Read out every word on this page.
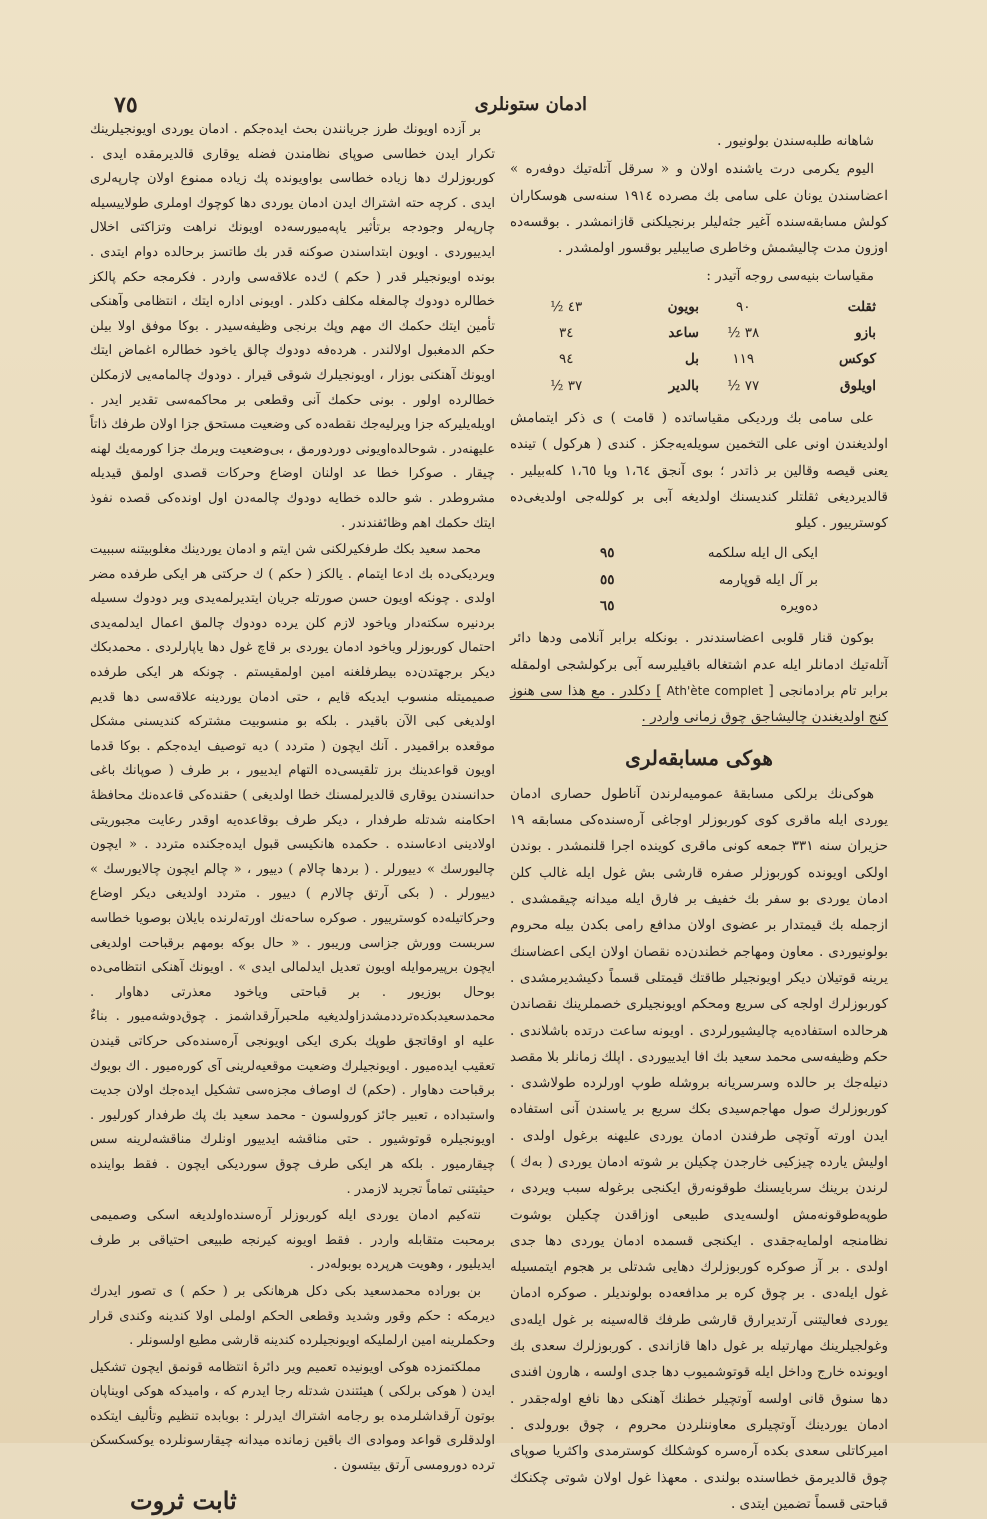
٧٥	ادمان ستونلری

شاهانه طلبه‌سندن بولونیور .

الیوم یکرمی درت یاشنده اولان و « سرقل آتلەتیك دوفەرە » اعضاسندن یونان علی سامی بك مصرده ١٩١٤ سنه‌سی هوسکاران کولش مسابقه‌سنده آغیر جثه‌لیلر برنجیلکنی قازانمشدر . بوقسه‌ده اوزون مدت چالیشمش وخاطری صایبلیر بوقسور اولمشدر .

مقیاسات بنیه‌سی روجه آتیدر :

ثقلت
٩٠
بویون
٤٣ ½
بازو
٣٨ ½
ساعد
٣٤
کوکس
١١٩
بل
٩٤
اویلوق
٧٧ ½
بالدیر
٣٧ ½

علی سامی بك وردیکی مقیاساتده ( قامت ) ی ذکر ایتمامش اولدیغندن اونی علی التخمین سویلەیه‌جکز . کندی ( هرکول ) تینده یعنی قیصه وقالین بر ذاتدر ؛ بوی آنجق ١،٦٤ ویا ١،٦٥ کلەبیلیر . قالدیردیغی ثقلتلر کندیسنك اولدیغه آبی بر کوللەجی اولدیغی‌ده کوسترییور . کیلو

ایکی ال ایله سلکمه
٩٥
بر آل ایله قوپارمه
٥٥
دەویره
٦٥

بوکون قنار قلوبی اعضاسندندر . بونکله برابر آنلامی ودها دائر آتلەتیك ادمانلر ایله عدم اشتغاله باقیلیرسه آبی برکولشجی اولمقله برابر تام برادمانجی [ Ath'ète complet ] دکلدر . مع هذا سی هنوز کنج اولدیغندن چالیشاجق چوق زمانی واردر .

هوکی مسابقه‌لری

هوکی‌نك برلکی مسابقهٔ عمومیه‌لرندن آناطول حصاری ادمان یوردی ایله ماقری کوی کوربوزلر اوجاغی آره‌سنده‌کی مسابقه ١٩ حزیران سنه ٣٣١ جمعه کونی ماقری کوینده اجرا قلنمشدر . بوندن اولکی اویونده کوربوزلر صفره قارشی بش غول ایله غالب کلن ادمان یوردی بو سفر بك خفیف بر فارق ایله میدانه چیقمشدی . ازجمله بك قیمتدار بر عضوی اولان مدافع رامی بکدن بیله محروم بولونیوردی . معاون ومهاجم خطندن‌ده نقصان اولان ایکی اعضاسنك یرینه قوتیلان دیکر اویونجیلر طاقتك قیمتلی قسماً دکیشدیرمشدی . کوربوزلرك اولجه کی سریع ومحکم اویونجیلری خصملرینك نقصاندن هرحالده استفاده‌یه چالیشیورلردی . اویونه ساعت درتده باشلاندی . حکم وظیفه‌سی محمد سعید بك افا ایدییوردی . اپلك زمانلر بلا مقصد دنیله‌جك بر حالده وسرسریانه بروشله طوپ اورلرده طولاشدی . کوربوزلرك صول مهاجم‌سیدی بکك سریع بر یاسندن آنی استفاده ایدن اورته آوتچی طرفندن ادمان یوردی علیهنه برغول اولدی . اولیش یارده چیزکیی خارجدن چکیلن بر شوته ادمان یوردی ( بەك ) لرندن برینك سربایسنك طوقونه‌رق ایکنجی برغوله سبب ویردی ، طوپه‌طوقونه‌مش اولسه‌یدی طبیعی اوزاقدن چکیلن بوشوت نظامنجه اولمایه‌جقدی . ایکنجی قسمده ادمان یوردی دها جدی اولدی . بر آز صوکره کوربوزلرك دهایی شدتلی بر هجوم ایتمسیله غول ایله‌دی . بر چوق کره بر مدافعه‌ده بولوندیلر . صوکره ادمان یوردی فعالیتنی آرتدیرارق قارشی طرفك قاله‌سینه بر غول ایله‌دی وغولجیلرینك مهارتیله بر غول داها قازاندی . کوربوزلرك سعدی بك اویونده خارج وداخل ایله قوتوشمیوب دها جدی اولسه ، هارون افندی دها سنوق قانی اولسه آوتچیلر خطنك آهنکی دها نافع اوله‌جقدر . ادمان یوردینك آوتچیلری معاوننلردن محروم ، چوق بورولدی . امیرکاتلی سعدی بکده آره‌سره کوشکلك کوسترمدی واکثریا صوپای چوق قالدیرمق خطاسنده بولندی . معهذا غول اولان شوتی چکنکك قباحتی قسماً تضمین ایتدی .

بر آزده اویونك طرز جریانندن بحث ایده‌جکم . ادمان یوردی اویونجیلرینك تکرار ایدن خطاسی صوپای نظامندن فضله یوقاری قالدیرمقده ایدی . کوربوزلرك دها زیاده خطاسی بواویونده پك زیاده ممنوع اولان چارپه‌لری ایدی . کرچه حته اشتراك ایدن ادمان یوردی دها کوچوك اوملری طولاییسیله چارپه‌لر وجودجه برتأثیر یاپه‌میورسه‌ده اویونك نراهت وتزاکتی اخلال ایدییوردی . اویون ابتداسندن صوکنه قدر بك طاتسز برحالده دوام ایتدی . بونده اویونجیلر قدر ( حکم ) ك‌ده علاقه‌سی واردر . فکرمجه حکم پالکز خطالره دودوك چالمغله مکلف دکلدر . اویونی اداره ایتك ، انتظامی وآهنکی تأمین ایتك حکمك اك مهم وپك برنجی وظیفه‌سیدر . بوکا موفق اولا بیلن حکم الدمغبول اولالندر . هرده‌فه دودوك چالق یاخود خطالره اغماض ایتك اویونك آهنکنی بوزار ، اویونجیلرك شوقی قیرار . دودوك چالمامه‌یی لازمکلن خطالرده اولور . بونی حکمك آنی وقطعی بر محاکمه‌سی تقدیر ایدر . اویلەیلیرکه جزا ویرلیه‌جك نقطه‌ده کی وضعیت مستحق جزا اولان طرفك ذاتاً علیهنه‌در . شوحالده‌اویونی دوردورمق ، بی‌وضعیت ویرمك جزا کورمەیك لهنه چیقار . صوکرا خطا عد اولنان اوضاع وحرکات قصدی اولمق قیدیله مشروطدر . شو حالده خطایه دودوك چالمه‌دن اول اوندەکی قصده نفوذ ایتك حکمك اهم وظائفندندر .

محمد سعید بکك طرفکیرلکنی شن ایتم و ادمان یوردینك مغلوبیتنه سببیت ویردیکی‌ده بك ادعا ایتمام . یالکز ( حکم ) ك حرکتی هر ایکی طرفده مضر اولدی . چونکه اویون حسن صورتله جریان ایتدیرلمەیدی ویر دودوك سسیله بردنیره سکته‌دار ویاخود لازم کلن یرده دودوك چالمق اعمال ایدلمه‌یدی احتمال کوربوزلر ویاخود ادمان یوردی بر قاچ غول دها یاپارلردی . محمدبکك دیکر برجهتدن‌ده بیطرفلغنه امین اولمقیستم . چونکه هر ایکی طرفده صمیمیتله منسوب ایدیکه قایم ، حتی ادمان یوردینه علاقه‌سی دها قدیم اولدیغی کبی الآن باقیدر . بلکه بو منسوبیت مشترکه کندیسنی مشکل موقعده براقمیدر . آنك ایچون ( متردد ) دیه توصیف ایده‌جکم . بوکا قدما اویون قواعدینك برز تلقیسی‌ده التهام ایدییور ، بر طرف ( صوپانك باغی حدانسندن یوقاری قالدیرلمسنك خطا اولدیغی ) حقنده‌کی قاعده‌نك محافظهٔ احکامنه شدتله طرفدار ، دیکر طرف بوقاعده‌یه اوقدر رعایت مجبوریتی اولادینی ادعاسنده . حکمده هانکیسی قبول ایده‌جکنده متردد . « ایچون چالیورسك » دییورلر . ( بردها چالام ) دییور ، « چالم ایچون چالایورسك » دییورلر . ( بکی آرتق چالارم ) دییور . متردد اولدیغی دیکر اوضاع وحرکاتیله‌ده کوسترییور . صوکره ساحه‌نك اورته‌لرنده بایلان بوصویا خطاسه سربست وورش جزاسی وریبور . « حال بوکه بومهم برقباحت اولدیغی ایچون برپیرموایله اویون تعدیل ایدلمالی ایدی » . اویونك آهنکی انتظامی‌ده بوحال بوزیور . بر قباحتی ویاخود معذرتی دهاوار . محمدسعیدبکده‌تردد‌مشدزاولدیغیه ملحبرآرقداشمز . چوق‌دوشه‌میور . بناءٌ علیه او اوقاتجق طوپك بکری ایکی اویونجی آره‌سنده‌کی حرکاتی قیندن تعقیب ایده‌میور . اویونجیلرك وضعیت موقعیه‌لرینی آی کوره‌میور . اك بویوك برقباحت دهاوار . (حکم) ك اوصاف مجزه‌سی تشکیل ایده‌جك اولان جدیت واستبداده ، تعبیر جائز کورولسون - محمد سعید بك پك طرفدار کورلیور . اویونجیلره قوتوشیور . حتی مناقشه ایدییور اونلرك مناقشه‌لرینه سس چیقارمیور . بلکه هر ایکی طرف چوق سوردیکی ایچون . فقط بواینده حیثیتنی تماماً تجرید لازمدر .

نته‌کیم ادمان یوردی ایله کوربوزلر آره‌سنده‌اولدیغه اسکی وصمیمی برمحبت متقابله واردر . فقط اویونه کیرنجه طبیعی احتیاقی بر طرف ایدیلیور ، وهویت هرپرده بوبوله‌در .

بن بوراده محمدسعید بکی دکل هرهانکی بر ( حکم ) ی تصور ایدرك دیرمکه : حکم وقور وشدید وقطعی الحکم اولملی اولا کندینه وکندی قرار وحکملرینه امین ارلملیکه اویونجیلرده کندینه قارشی مطیع اولسونلر .

مملکتمزده هوکی اویونیده تعمیم ویر دائرهٔ انتظامه قونمق ایچون تشکیل ایدن ( هوکی برلکی ) هیئتندن شدتله رجا ایدرم که ، وامیدکه هوکی اویناپان بوتون آرقداشلرمده بو رجامه اشتراك ایدرلر : بوبابده تنظیم وتألیف ایتکده اولدقلری قواعد ومواد‌ی اك باقین زمانده میدانه چیقارسونلرده یوکسکسکن ترده دورومسی آرتق بیتسون .

ثابت ثروت
